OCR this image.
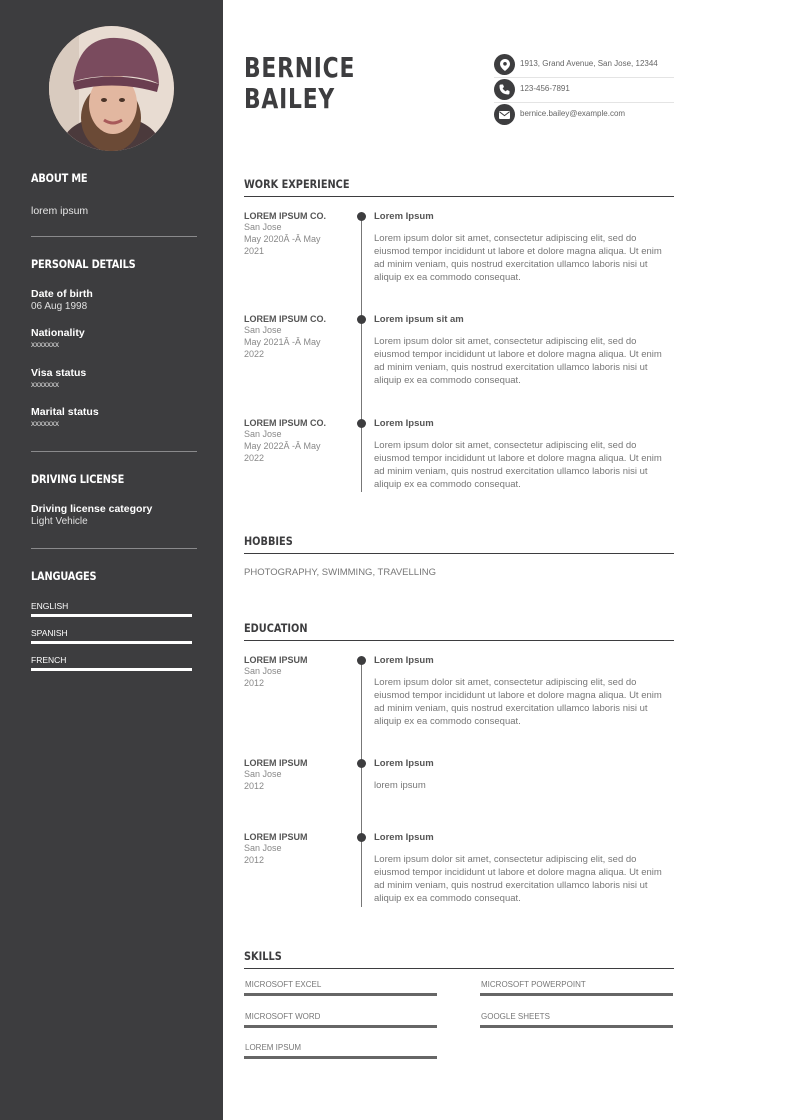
ABOUT ME
lorem ipsum
PERSONAL DETAILS
Date of birth
06 Aug 1998
Nationality
xxxxxxx
Visa status
xxxxxxx
Marital status
xxxxxxx
DRIVING LICENSE
Driving license category
Light Vehicle
LANGUAGES
ENGLISH
SPANISH
FRENCH
BERNICE
BAILEY
1913, Grand Avenue, San Jose, 12344
123-456-7891
bernice.bailey@example.com
WORK EXPERIENCE
LOREM IPSUM CO.
San Jose
May 2020Â -Â May
2021
Lorem Ipsum
Lorem ipsum dolor sit amet, consectetur adipiscing elit, sed do eiusmod tempor incididunt ut labore et dolore magna aliqua. Ut enim ad minim veniam, quis nostrud exercitation ullamco laboris nisi ut aliquip ex ea commodo consequat.
LOREM IPSUM CO.
San Jose
May 2021Â -Â May
2022
Lorem ipsum sit am
Lorem ipsum dolor sit amet, consectetur adipiscing elit, sed do eiusmod tempor incididunt ut labore et dolore magna aliqua. Ut enim ad minim veniam, quis nostrud exercitation ullamco laboris nisi ut aliquip ex ea commodo consequat.
LOREM IPSUM CO.
San Jose
May 2022Â -Â May
2022
Lorem Ipsum
Lorem ipsum dolor sit amet, consectetur adipiscing elit, sed do eiusmod tempor incididunt ut labore et dolore magna aliqua. Ut enim ad minim veniam, quis nostrud exercitation ullamco laboris nisi ut aliquip ex ea commodo consequat.
HOBBIES
PHOTOGRAPHY, SWIMMING, TRAVELLING
EDUCATION
LOREM IPSUM
San Jose
2012
Lorem Ipsum
Lorem ipsum dolor sit amet, consectetur adipiscing elit, sed do eiusmod tempor incididunt ut labore et dolore magna aliqua. Ut enim ad minim veniam, quis nostrud exercitation ullamco laboris nisi ut aliquip ex ea commodo consequat.
LOREM IPSUM
San Jose
2012
Lorem Ipsum
lorem ipsum
LOREM IPSUM
San Jose
2012
Lorem Ipsum
Lorem ipsum dolor sit amet, consectetur adipiscing elit, sed do eiusmod tempor incididunt ut labore et dolore magna aliqua. Ut enim ad minim veniam, quis nostrud exercitation ullamco laboris nisi ut aliquip ex ea commodo consequat.
SKILLS
MICROSOFT EXCEL	MICROSOFT POWERPOINT
MICROSOFT WORD	GOOGLE SHEETS
LOREM IPSUM
